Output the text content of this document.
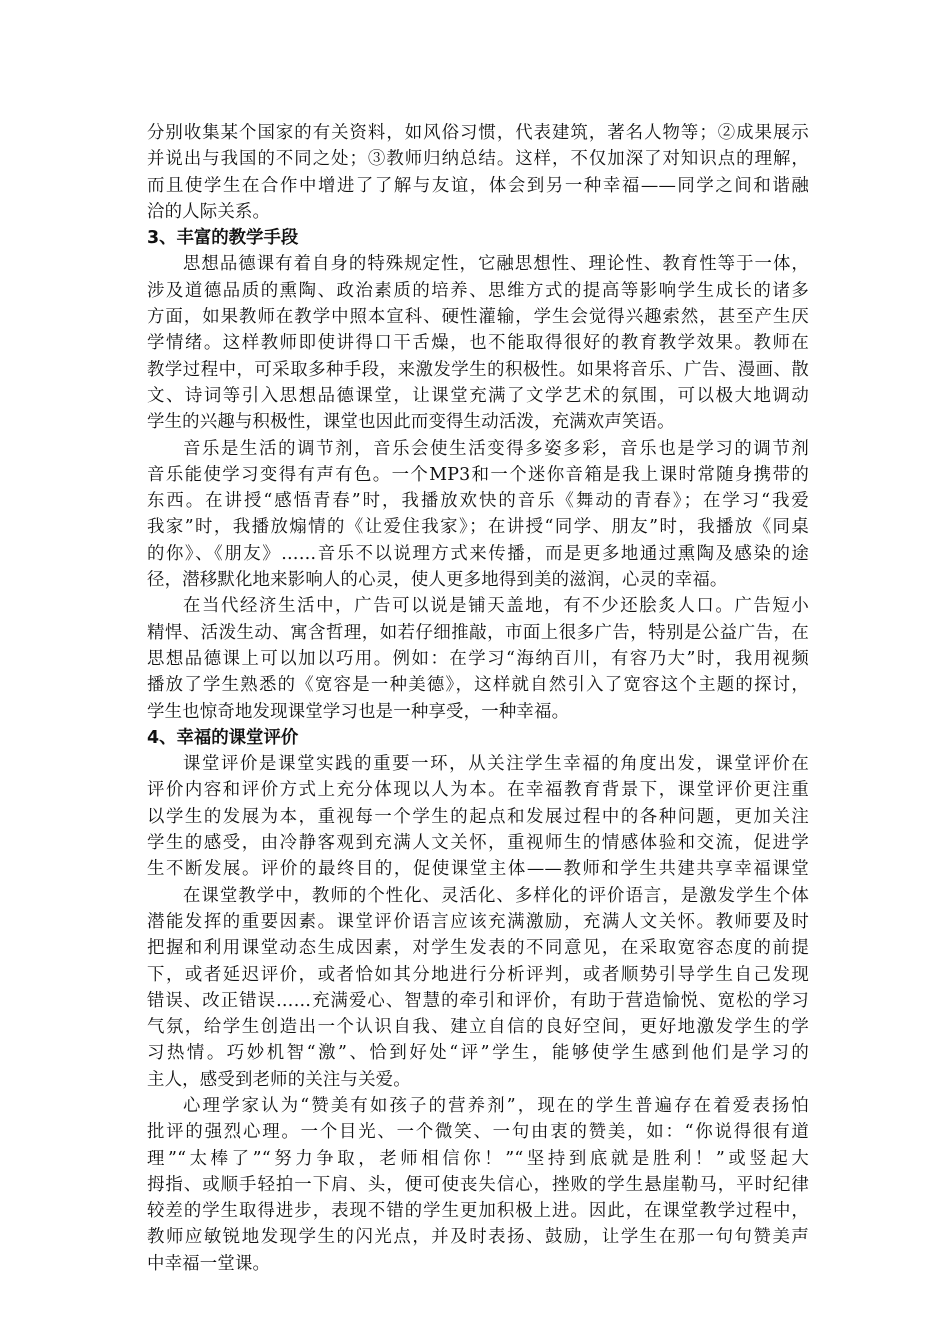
分别收集某个国家的有关资料，如风俗习惯，代表建筑，著名人物等；②成果展示
并说出与我国的不同之处；③教师归纳总结。这样，不仅加深了对知识点的理解，
而且使学生在合作中增进了了解与友谊，体会到另一种幸福——同学之间和谐融
洽的人际关系。
3、丰富的教学手段
思想品德课有着自身的特殊规定性，它融思想性、理论性、教育性等于一体，
涉及道德品质的熏陶、政治素质的培养、思维方式的提高等影响学生成长的诸多
方面，如果教师在教学中照本宣科、硬性灌输，学生会觉得兴趣索然，甚至产生厌
学情绪。这样教师即使讲得口干舌燥，也不能取得很好的教育教学效果。教师在
教学过程中，可采取多种手段，来激发学生的积极性。如果将音乐、广告、漫画、散
文、诗词等引入思想品德课堂，让课堂充满了文学艺术的氛围，可以极大地调动
学生的兴趣与积极性，课堂也因此而变得生动活泼，充满欢声笑语。
音乐是生活的调节剂，音乐会使生活变得多姿多彩，音乐也是学习的调节剂
音乐能使学习变得有声有色。一个MP3和一个迷你音箱是我上课时常随身携带的
东西。在讲授“感悟青春”时，我播放欢快的音乐《舞动的青春》；在学习“我爱
我家”时，我播放煽情的《让爱住我家》；在讲授“同学、朋友”时，我播放《同桌
的你》、《朋友》……音乐不以说理方式来传播，而是更多地通过熏陶及感染的途
径，潜移默化地来影响人的心灵，使人更多地得到美的滋润，心灵的幸福。
在当代经济生活中，广告可以说是铺天盖地，有不少还脍炙人口。广告短小
精悍、活泼生动、寓含哲理，如若仔细推敲，市面上很多广告，特别是公益广告，在
思想品德课上可以加以巧用。例如：在学习“海纳百川，有容乃大”时，我用视频
播放了学生熟悉的《宽容是一种美德》，这样就自然引入了宽容这个主题的探讨，
学生也惊奇地发现课堂学习也是一种享受，一种幸福。
4、幸福的课堂评价
课堂评价是课堂实践的重要一环，从关注学生幸福的角度出发，课堂评价在
评价内容和评价方式上充分体现以人为本。在幸福教育背景下，课堂评价更注重
以学生的发展为本，重视每一个学生的起点和发展过程中的各种问题，更加关注
学生的感受，由冷静客观到充满人文关怀，重视师生的情感体验和交流，促进学
生不断发展。评价的最终目的，促使课堂主体——教师和学生共建共享幸福课堂
在课堂教学中，教师的个性化、灵活化、多样化的评价语言，是激发学生个体
潜能发挥的重要因素。课堂评价语言应该充满激励，充满人文关怀。教师要及时
把握和利用课堂动态生成因素，对学生发表的不同意见，在采取宽容态度的前提
下，或者延迟评价，或者恰如其分地进行分析评判，或者顺势引导学生自己发现
错误、改正错误……充满爱心、智慧的牵引和评价，有助于营造愉悦、宽松的学习
气氛，给学生创造出一个认识自我、建立自信的良好空间，更好地激发学生的学
习热情。巧妙机智“激”、恰到好处“评”学生，能够使学生感到他们是学习的
主人，感受到老师的关注与关爱。
心理学家认为“赞美有如孩子的营养剂”，现在的学生普遍存在着爱表扬怕
批评的强烈心理。一个目光、一个微笑、一句由衷的赞美，如：“你说得很有道
理”“太棒了”“努力争取，老师相信你！”“坚持到底就是胜利！”或竖起大
拇指、或顺手轻拍一下肩、头，便可使丧失信心，挫败的学生悬崖勒马，平时纪律
较差的学生取得进步，表现不错的学生更加积极上进。因此，在课堂教学过程中，
教师应敏锐地发现学生的闪光点，并及时表扬、鼓励，让学生在那一句句赞美声
中幸福一堂课。
